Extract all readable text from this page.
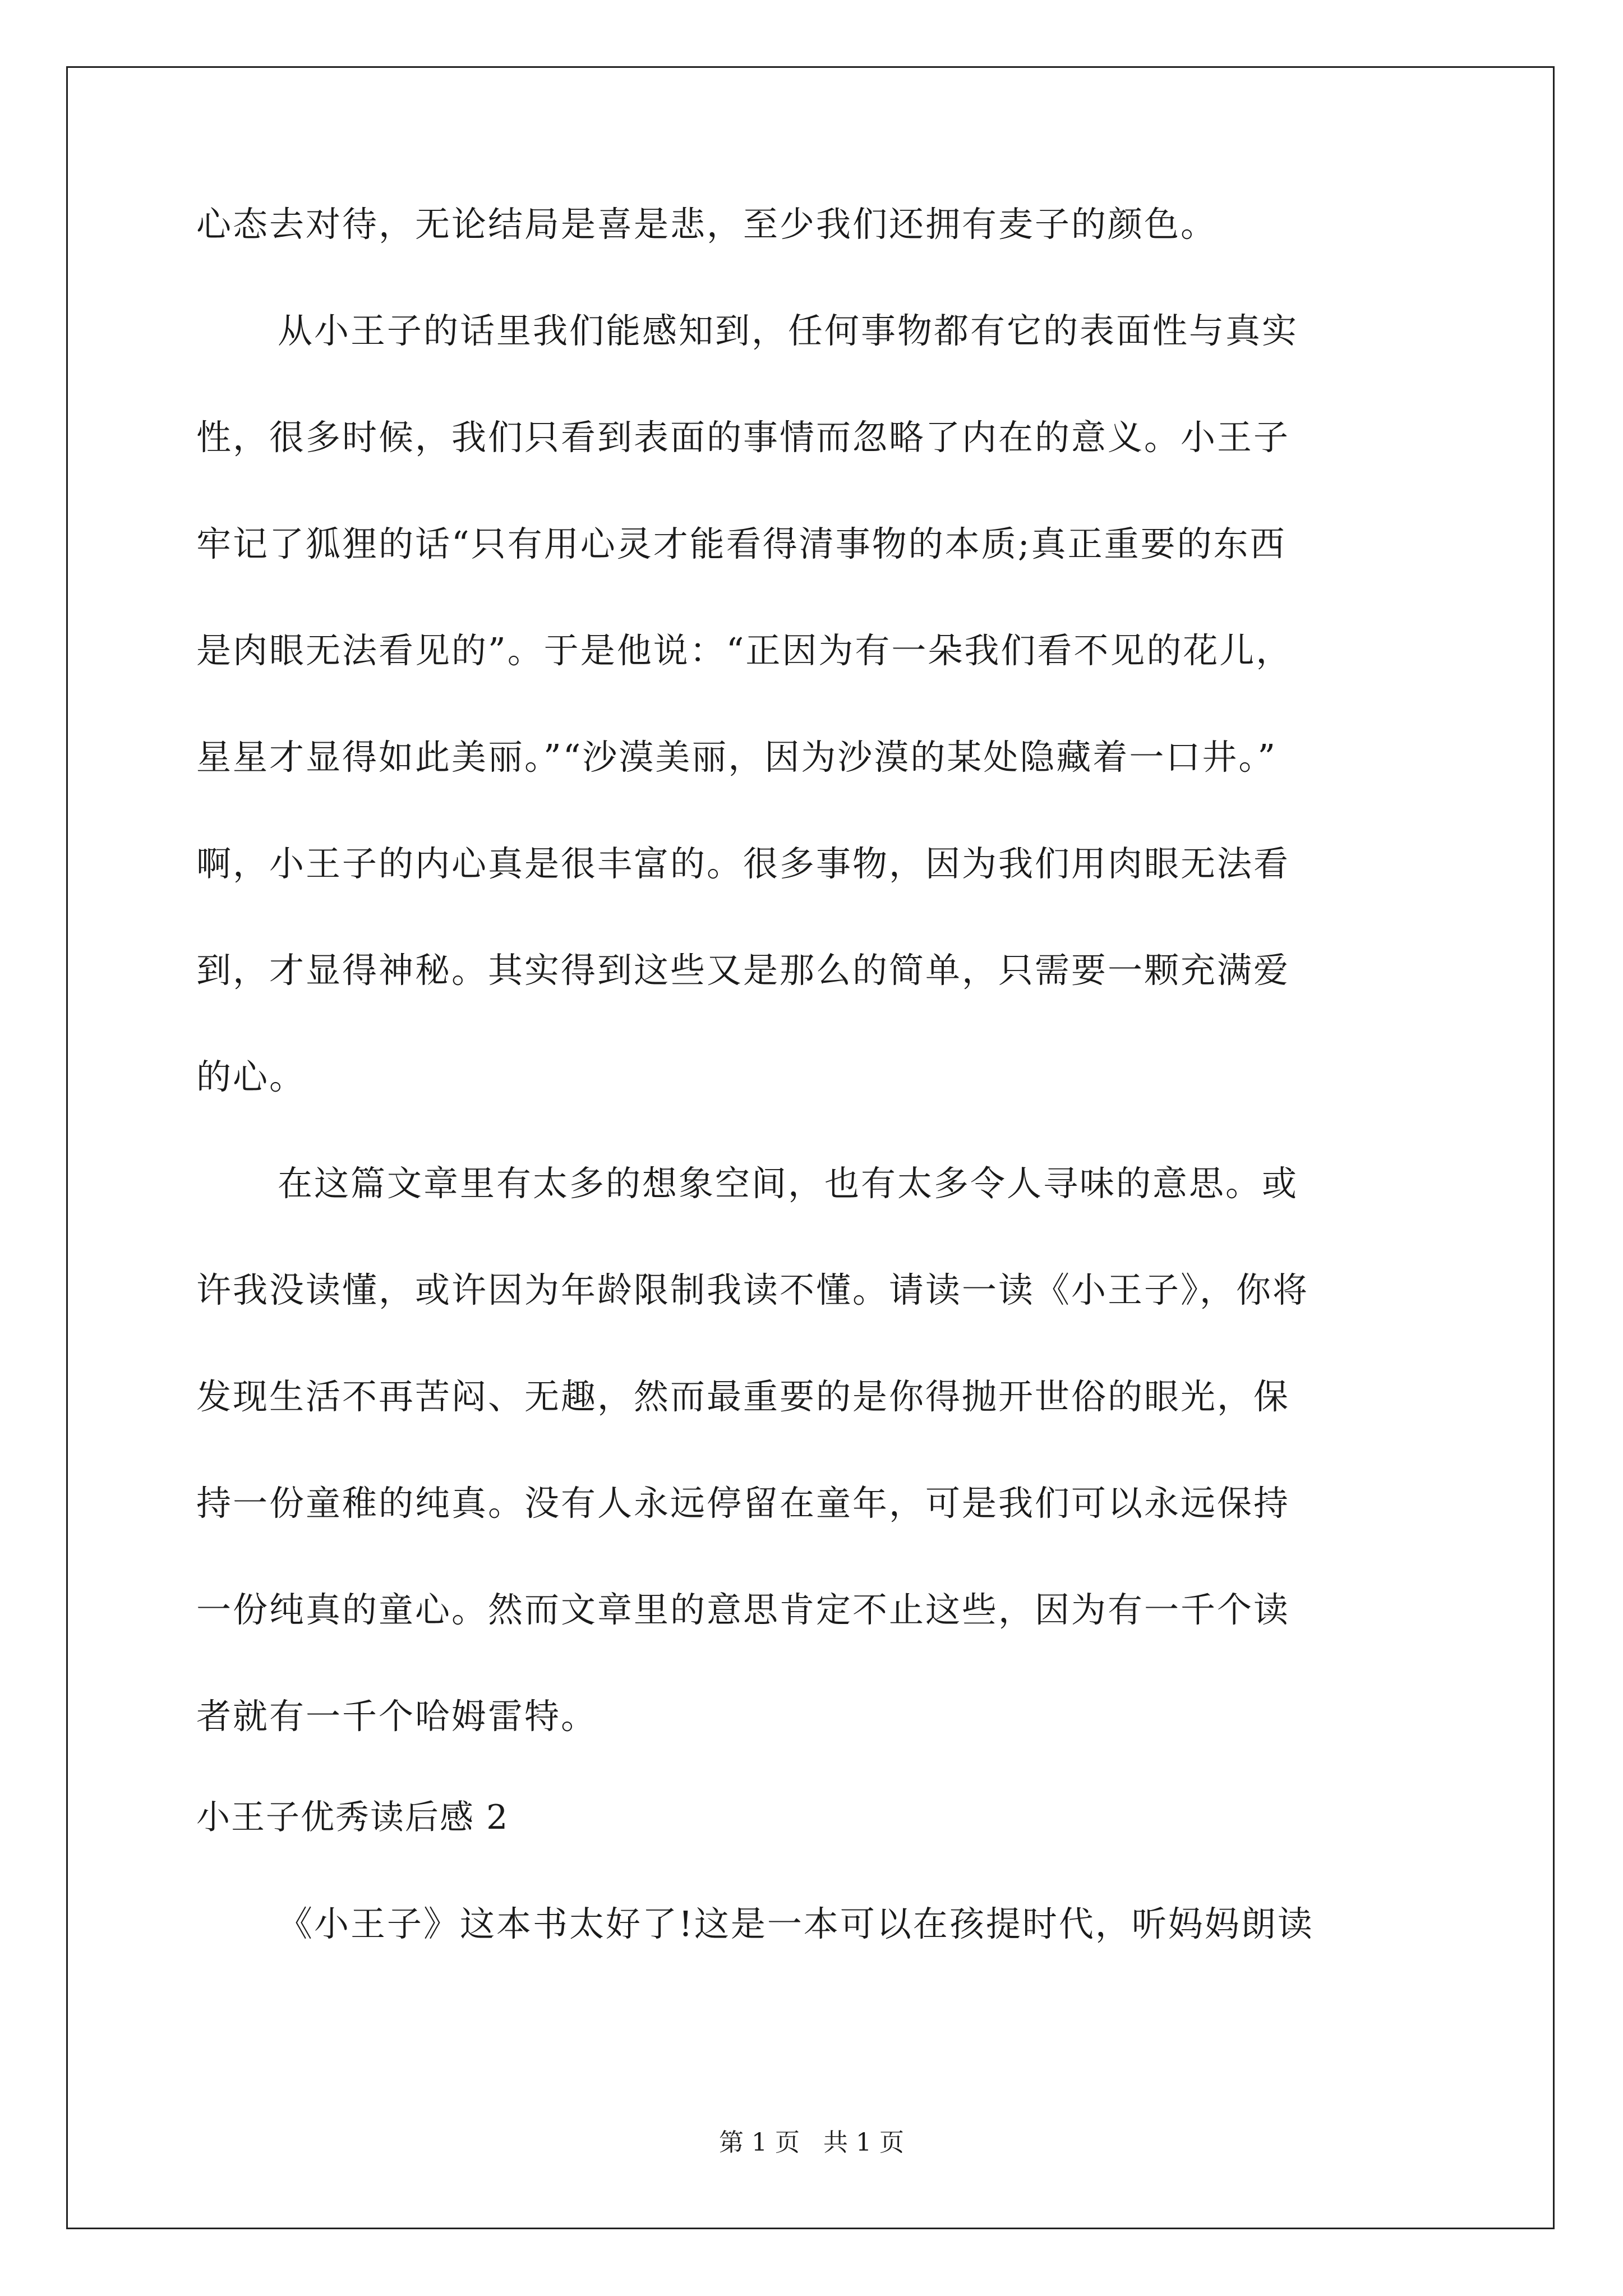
心态去对待，无论结局是喜是悲，至少我们还拥有麦子的颜色。
从小王子的话里我们能感知到，任何事物都有它的表面性与真实
性，很多时候，我们只看到表面的事情而忽略了内在的意义。小王子
牢记了狐狸的话“只有用心灵才能看得清事物的本质;真正重要的东西
是肉眼无法看见的”。于是他说：“正因为有一朵我们看不见的花儿，
星星才显得如此美丽。”“沙漠美丽，因为沙漠的某处隐藏着一口井。”
啊，小王子的内心真是很丰富的。很多事物，因为我们用肉眼无法看
到，才显得神秘。其实得到这些又是那么的简单，只需要一颗充满爱
的心。
在这篇文章里有太多的想象空间，也有太多令人寻味的意思。或
许我没读懂，或许因为年龄限制我读不懂。请读一读《小王子》，你将
发现生活不再苦闷、无趣，然而最重要的是你得抛开世俗的眼光，保
持一份童稚的纯真。没有人永远停留在童年，可是我们可以永远保持
一份纯真的童心。然而文章里的意思肯定不止这些，因为有一千个读
者就有一千个哈姆雷特。
小王子优秀读后感 2
《小王子》这本书太好了!这是一本可以在孩提时代，听妈妈朗读
第 1 页   共 1 页
